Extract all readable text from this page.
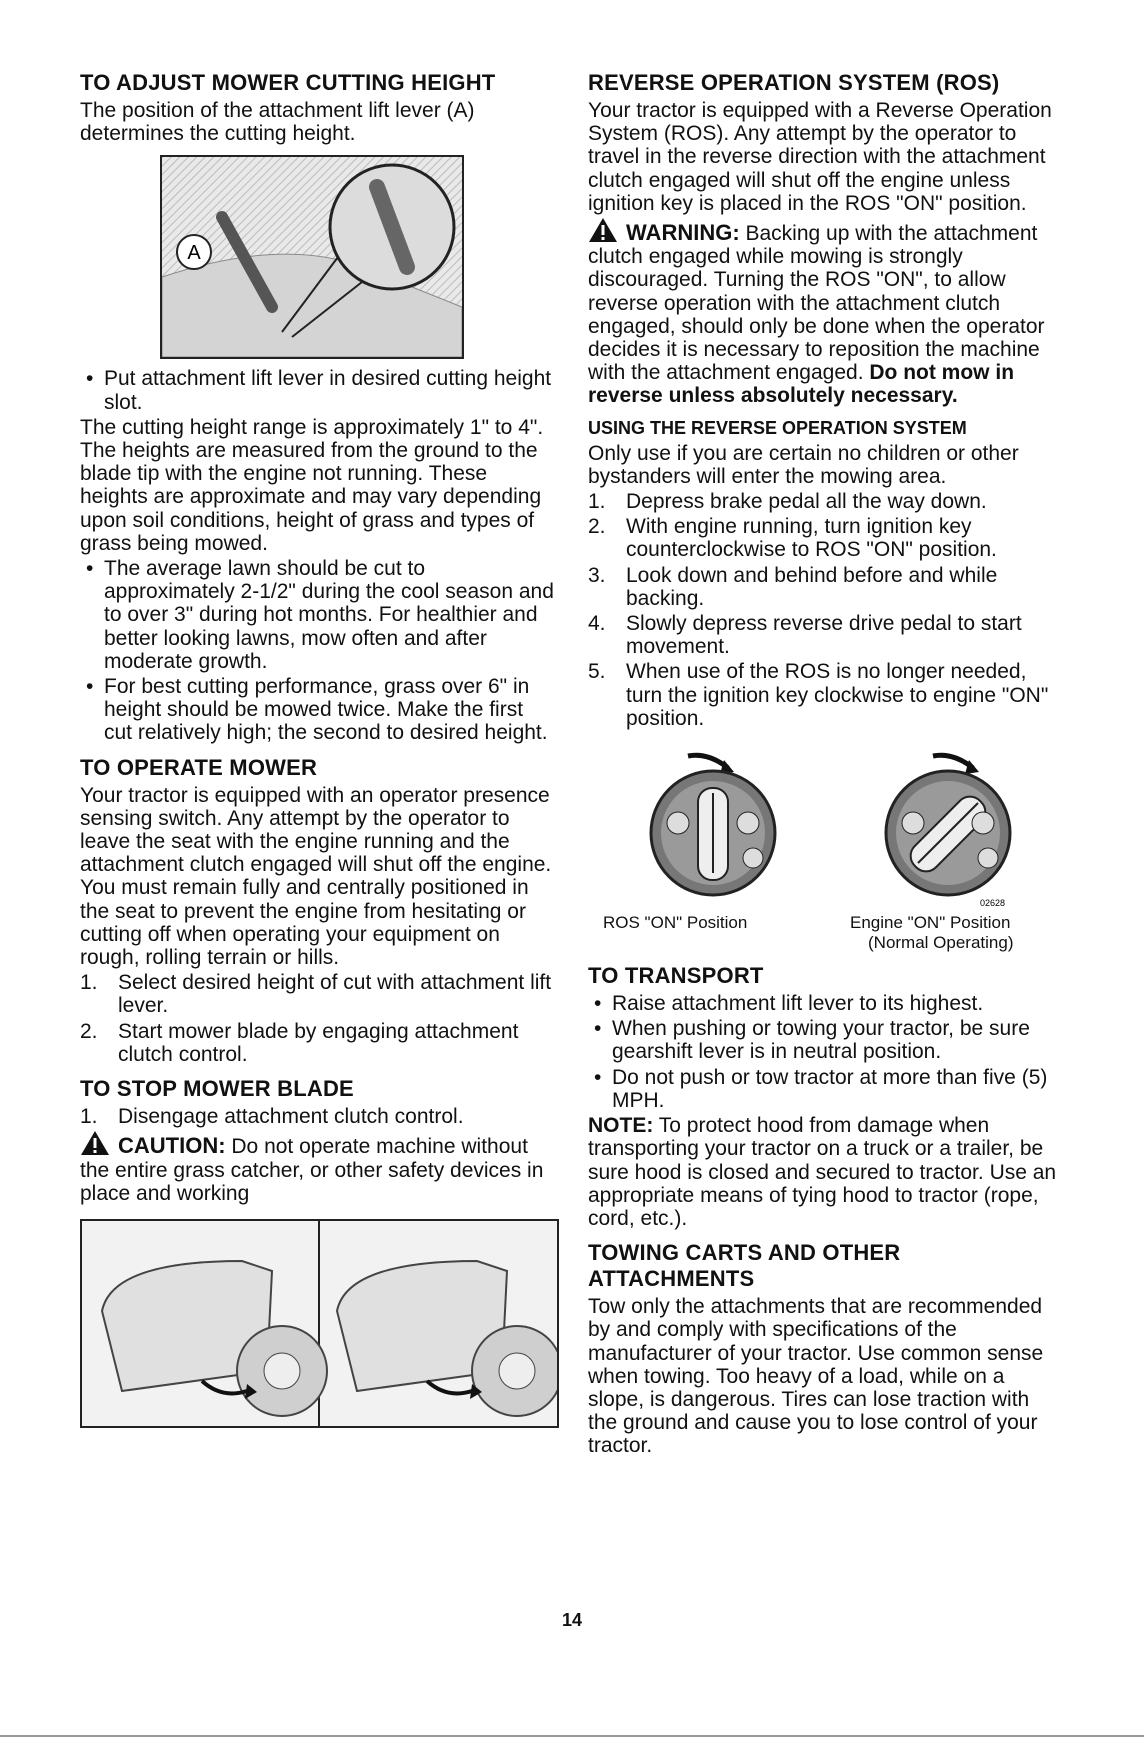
TO ADJUST MOWER CUTTING HEIGHT

The position of the attachment lift lever (A) determines the cutting height.

A
• Put attachment lift lever in desired cutting height slot.

The cutting height range is approximately 1" to 4". The heights are measured from the ground to the blade tip with the engine not running. These heights are approximate and may vary depending upon soil conditions, height of grass and types of grass being mowed.

• The average lawn should be cut to approximately 2-1/2" during the cool season and to over 3" during hot months. For healthier and better looking lawns, mow often and after moderate growth.
• For best cutting performance, grass over 6" in height should be mowed twice. Make the first cut relatively high; the second to desired height.
TO OPERATE MOWER

Your tractor is equipped with an operator presence sensing switch. Any attempt by the operator to leave the seat with the engine running and the attachment clutch engaged will shut off the engine. You must remain fully and centrally positioned in the seat to prevent the engine from hesitating or cutting off when operating your equipment on rough, rolling terrain or hills.

1. Select desired height of cut with attachment lift lever.
2. Start mower blade by engaging attachment clutch control.
TO STOP MOWER BLADE
1. Disengage attachment clutch control.

CAUTION: Do not operate machine without the entire grass catcher, or other safety devices in place and working

REVERSE OPERATION SYSTEM (ROS)

Your tractor is equipped with a Reverse Operation System (ROS). Any attempt by the operator to travel in the reverse direction with the attachment clutch engaged will shut off the engine unless ignition key is placed in the ROS "ON" position.

WARNING: Backing up with the attachment clutch engaged while mowing is strongly discouraged. Turning the ROS "ON", to allow reverse operation with the attachment clutch engaged, should only be done when the operator decides it is necessary to reposition the machine with the attachment engaged. Do not mow in reverse unless absolutely necessary.

USING THE REVERSE OPERATION SYSTEM

Only use if you are certain no children or other bystanders will enter the mowing area.

1. Depress brake pedal all the way down.
2. With engine running, turn ignition key counterclockwise to ROS "ON" position.
3. Look down and behind before and while backing.
4. Slowly depress reverse drive pedal to start movement.
5. When use of the ROS is no longer needed, turn the ignition key clockwise to engine "ON" position.
02628
ROS "ON" Position	Engine "ON" Position
(Normal Operating)
TO TRANSPORT
• Raise attachment lift lever to its highest.
• When pushing or towing your tractor, be sure gearshift lever is in neutral position.
• Do not push or tow tractor at more than five (5) MPH.

NOTE: To protect hood from damage when transporting your tractor on a truck or a trailer, be sure hood is closed and secured to tractor. Use an appropriate means of tying hood to tractor (rope, cord, etc.).

TOWING CARTS AND OTHER ATTACHMENTS

Tow only the attachments that are recommended by and comply with specifications of the manufacturer of your tractor. Use common sense when towing. Too heavy of a load, while on a slope, is dangerous. Tires can lose traction with the ground and cause you to lose control of your tractor.

14
